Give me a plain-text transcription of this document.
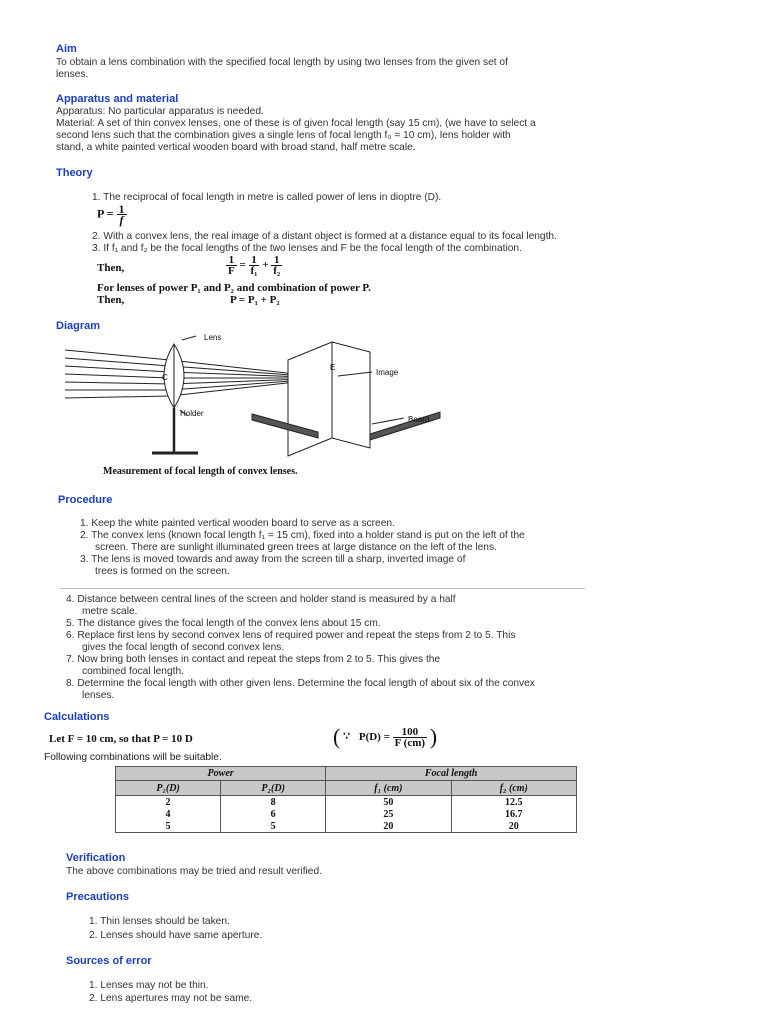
Aim
To obtain a lens combination with the specified focal length by using two lenses from the given set of
lenses.
Apparatus and material
Apparatus: No particular apparatus is needed.
Material: A set of thin convex lenses, one of these is of given focal length (say 15 cm), (we have to select a
second lens such that the combination gives a single lens of focal length f₀ = 10 cm), lens holder with
stand, a white painted vertical wooden board with broad stand, half metre scale.
Theory
1. The reciprocal of focal length in metre is called power of lens in dioptre (D).
$P = \frac{1}{f}$
2. With a convex lens, the real image of a distant object is formed at a distance equal to its focal length.
3. If f₁ and f₂ be the focal lengths of the two lenses and F be the focal length of the combination.
Then,	$\frac{1}{F} = \frac{1}{\text{f₁}} + \frac{1}{\text{f₂}}$
For lenses of power P₁ and P₂ and combination of power P.
Then,	P = P₁ + P₂
Diagram
Lens
C
E
Image
Holder
Board
Measurement of focal length of convex lenses.
Procedure
1. Keep the white painted vertical wooden board to serve as a screen.
2. The convex lens (known focal length f₁ = 15 cm), fixed into a holder stand is put on the left of the
screen. There are sunlight illuminated green trees at large distance on the left of the lens.
3. The lens is moved towards and away from the screen till a sharp, inverted image of
trees is formed on the screen.
4. Distance between central lines of the screen and holder stand is measured by a half
metre scale.
5. The distance gives the focal length of the convex lens about 15 cm.
6. Replace first lens by second convex lens of required power and repeat the steps from 2 to 5. This
gives the focal length of second convex lens.
7. Now bring both lenses in contact and repeat the steps from 2 to 5. This gives the
combined focal length.
8. Determine the focal length with other given lens. Determine the focal length of about six of the convex
lenses.
Calculations
Let F = 10 cm, so that P = 10 D	( ∵ $P(D) = \frac{100}{F (cm)}$ )
Following combinations will be suitable.
Power		Focal length	
P₁(D)	P₂(D)	f₁ (cm)	f₂ (cm)
2	8	50	12.5
4	6	25	16.7
5	5	20	20
Verification
The above combinations may be tried and result verified.
Precautions
1. Thin lenses should be taken.
2. Lenses should have same aperture.
Sources of error
1. Lenses may not be thin.
2. Lens apertures may not be same.
